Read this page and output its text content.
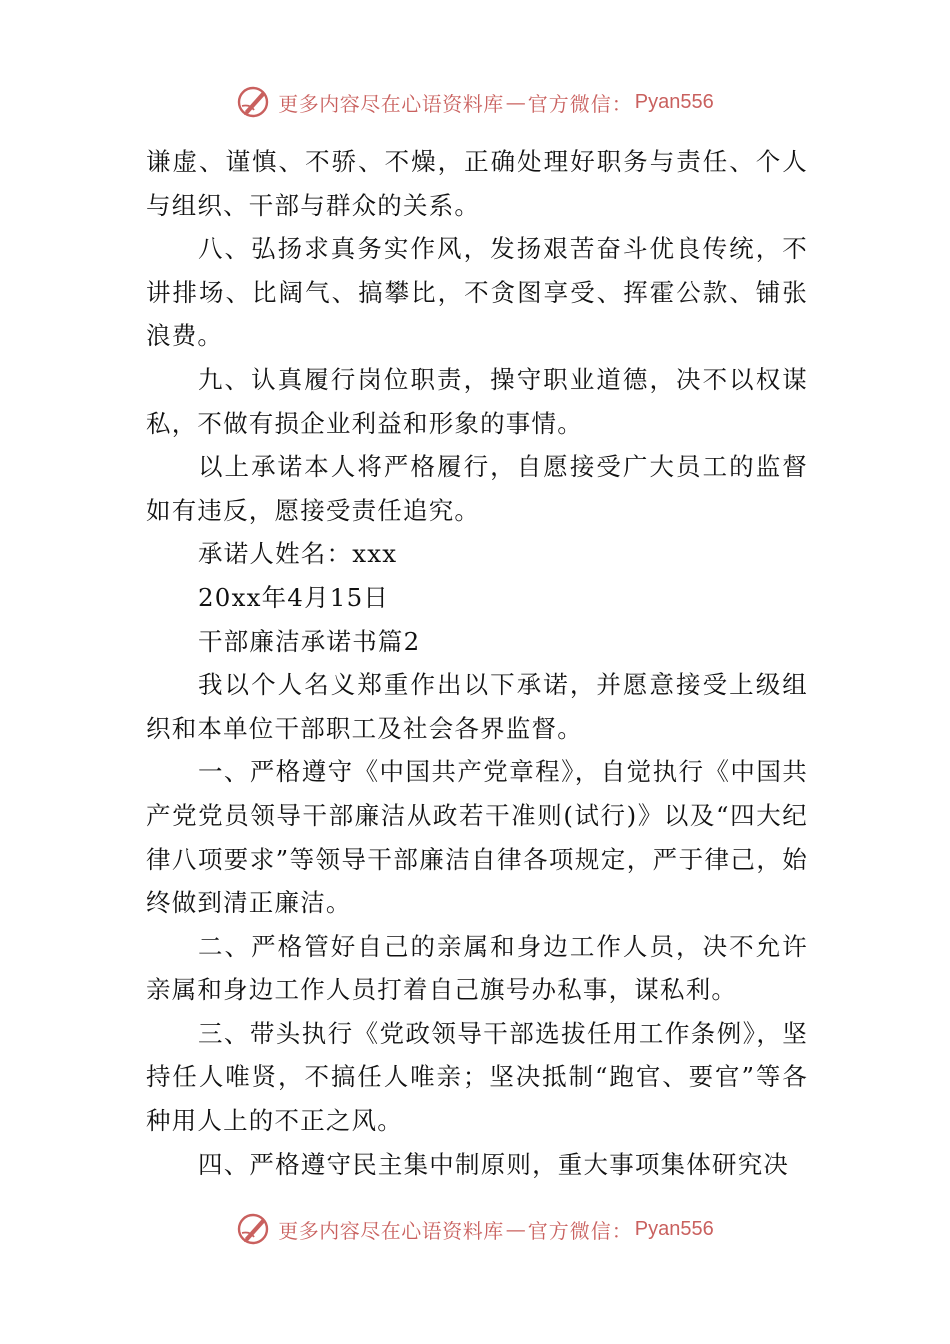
更多内容尽在心语资料库 — 官方微信： Pyan556

谦虚、谨慎、不骄、不燥，正确处理好职务与责任、个人与组织、干部与群众的关系。

八、弘扬求真务实作风，发扬艰苦奋斗优良传统，不讲排场、比阔气、搞攀比，不贪图享受、挥霍公款、铺张浪费。

九、认真履行岗位职责，操守职业道德，决不以权谋私，不做有损企业利益和形象的事情。

以上承诺本人将严格履行，自愿接受广大员工的监督如有违反，愿接受责任追究。

承诺人姓名：xxx

20xx年4月15日

干部廉洁承诺书篇2

我以个人名义郑重作出以下承诺，并愿意接受上级组织和本单位干部职工及社会各界监督。

一、严格遵守《中国共产党章程》，自觉执行《中国共产党党员领导干部廉洁从政若干准则(试行)》以及“四大纪律八项要求”等领导干部廉洁自律各项规定，严于律己，始终做到清正廉洁。

二、严格管好自己的亲属和身边工作人员，决不允许亲属和身边工作人员打着自己旗号办私事，谋私利。

三、带头执行《党政领导干部选拔任用工作条例》，坚持任人唯贤，不搞任人唯亲；坚决抵制“跑官、要官”等各种用人上的不正之风。

四、严格遵守民主集中制原则，重大事项集体研究决

更多内容尽在心语资料库 — 官方微信： Pyan556
